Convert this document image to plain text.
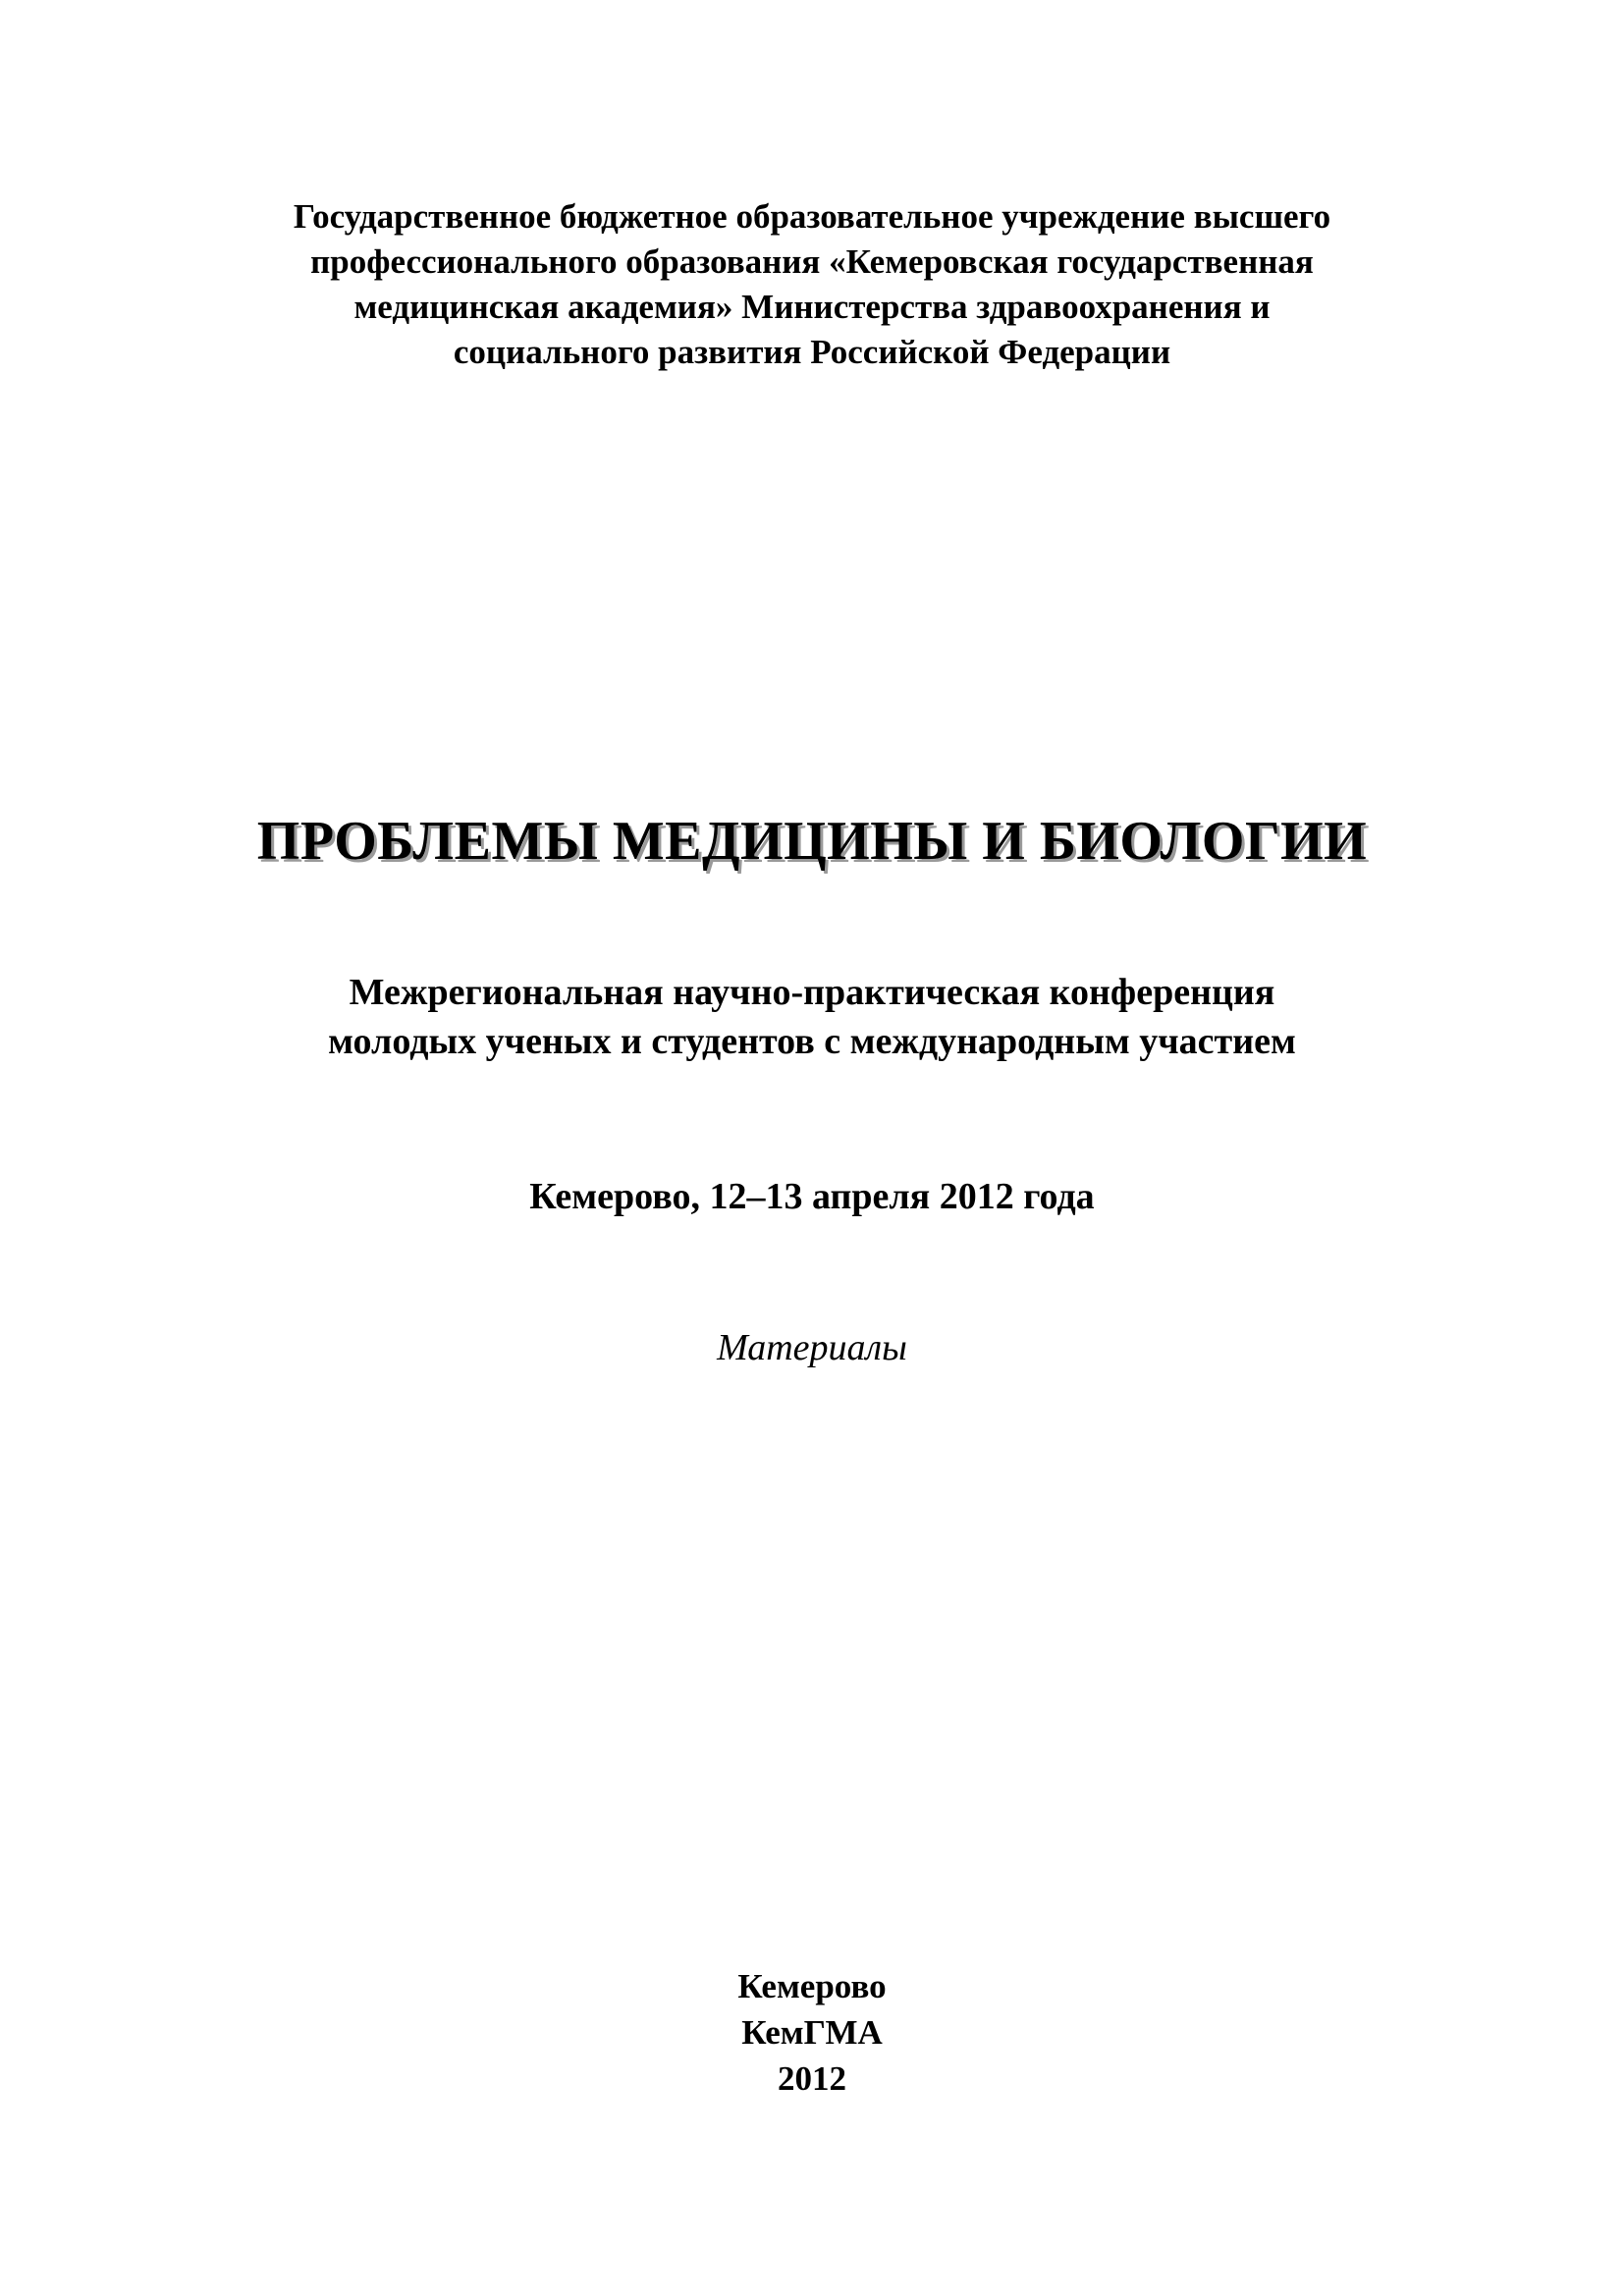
Государственное бюджетное образовательное учреждение высшего
профессионального образования «Кемеровская государственная
медицинская академия» Министерства здравоохранения и
социального развития Российской Федерации
ПРОБЛЕМЫ МЕДИЦИНЫ И БИОЛОГИИ
Межрегиональная научно-практическая конференция
молодых ученых и студентов с международным участием
Кемерово, 12–13 апреля 2012 года
Материалы
Кемерово
КемГМА
2012
